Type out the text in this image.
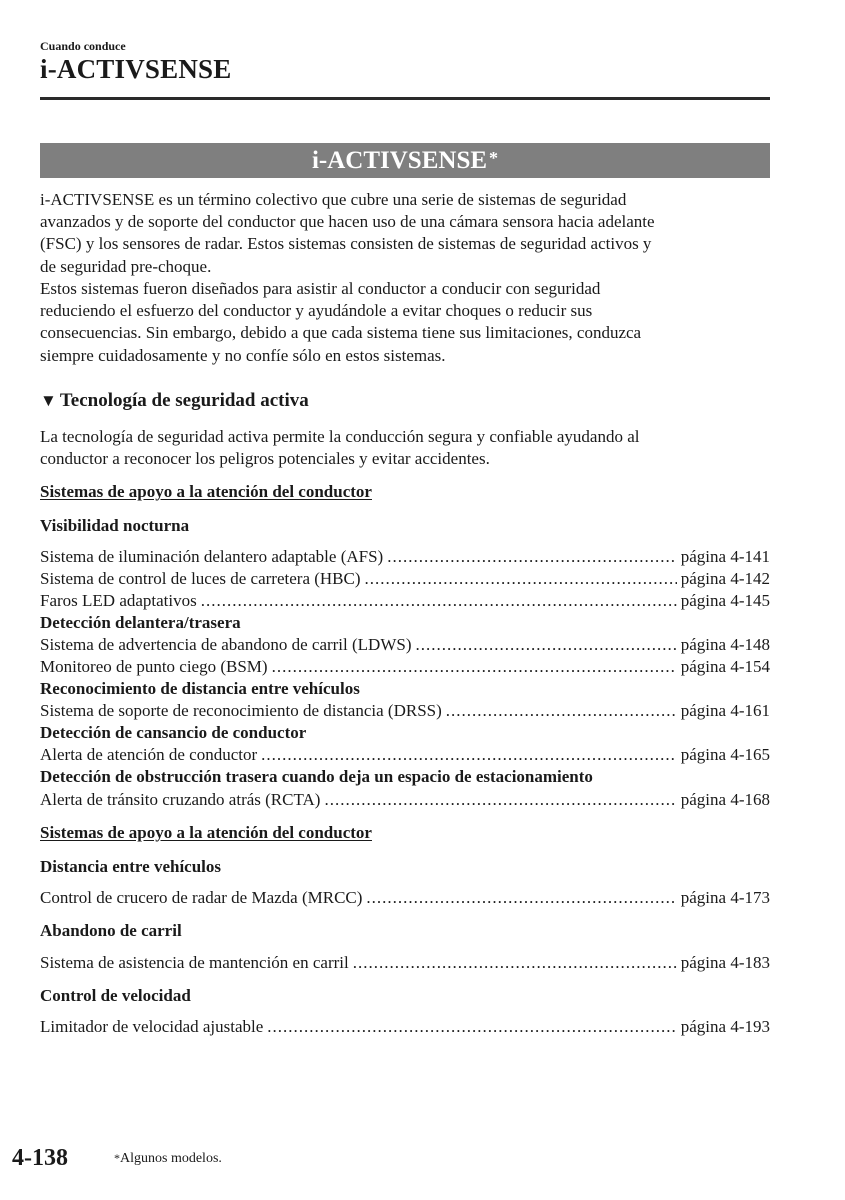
Cuando conduce
i-ACTIVSENSE
i-ACTIVSENSE *
i-ACTIVSENSE es un término colectivo que cubre una serie de sistemas de seguridad
avanzados y de soporte del conductor que hacen uso de una cámara sensora hacia adelante
(FSC) y los sensores de radar. Estos sistemas consisten de sistemas de seguridad activos y
de seguridad pre-choque.
Estos sistemas fueron diseñados para asistir al conductor a conducir con seguridad
reduciendo el esfuerzo del conductor y ayudándole a evitar choques o reducir sus
consecuencias. Sin embargo, debido a que cada sistema tiene sus limitaciones, conduzca
siempre cuidadosamente y no confíe sólo en estos sistemas.
▼ Tecnología de seguridad activa
La tecnología de seguridad activa permite la conducción segura y confiable ayudando al
conductor a reconocer los peligros potenciales y evitar accidentes.
Sistemas de apoyo a la atención del conductor
Visibilidad nocturna
Sistema de iluminación delantero adaptable (AFS) .....	página 4-141
Sistema de control de luces de carretera (HBC) .....	página 4-142
Faros LED adaptativos .....	página 4-145
Detección delantera/trasera
Sistema de advertencia de abandono de carril (LDWS) .....	página 4-148
Monitoreo de punto ciego (BSM) .....	página 4-154
Reconocimiento de distancia entre vehículos
Sistema de soporte de reconocimiento de distancia (DRSS) .....	página 4-161
Detección de cansancio de conductor
Alerta de atención de conductor .....	página 4-165
Detección de obstrucción trasera cuando deja un espacio de estacionamiento
Alerta de tránsito cruzando atrás (RCTA) .....	página 4-168
Sistemas de apoyo a la atención del conductor
Distancia entre vehículos
Control de crucero de radar de Mazda (MRCC) .....	página 4-173
Abandono de carril
Sistema de asistencia de mantención en carril .....	página 4-183
Control de velocidad
Limitador de velocidad ajustable .....	página 4-193
4-138	*Algunos modelos.
